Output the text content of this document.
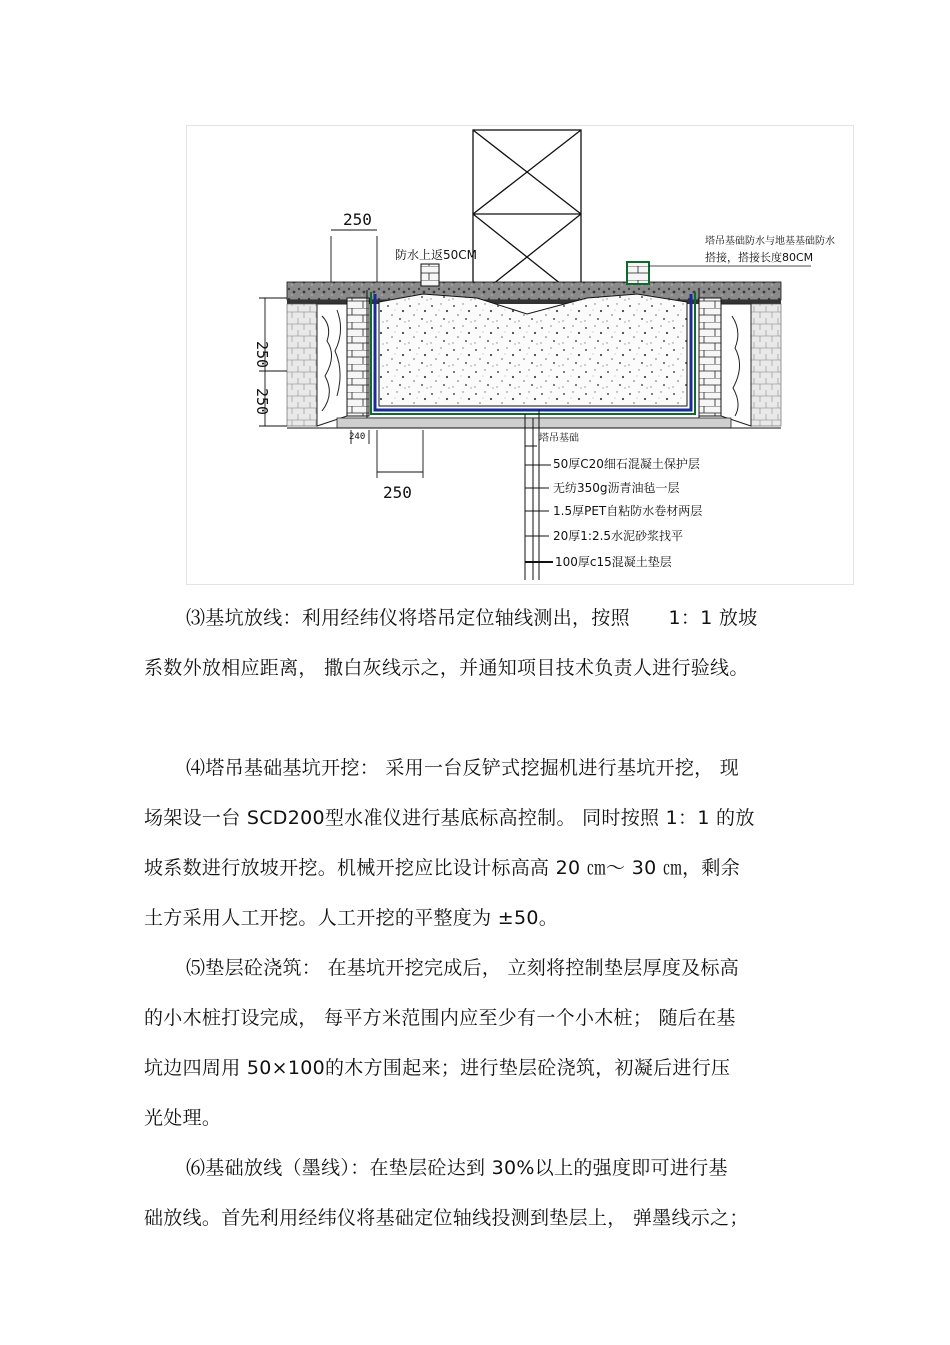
250
250
250
240
250
防水上返50CM
塔吊基础防水与地基基础防水
搭接，搭接长度80CM
塔吊基础
50厚C20细石混凝土保护层
无纺350g沥青油毡一层
1.5厚PET自粘防水卷材两层
20厚1:2.5水泥砂浆找平
100厚c15混凝土垫层

⑶基坑放线：利用经纬仪将塔吊定位轴线测出，按照　　1：1 放坡

系数外放相应距离， 撒白灰线示之，并通知项目技术负责人进行验线。

⑷塔吊基础基坑开挖： 采用一台反铲式挖掘机进行基坑开挖， 现

场架设一台 SCD200型水准仪进行基底标高控制。 同时按照 1：1 的放

坡系数进行放坡开挖。机械开挖应比设计标高高 20 ㎝～ 30 ㎝，剩余

土方采用人工开挖。人工开挖的平整度为 ±50。

⑸垫层砼浇筑： 在基坑开挖完成后， 立刻将控制垫层厚度及标高

的小木桩打设完成， 每平方米范围内应至少有一个小木桩； 随后在基

坑边四周用 50×100的木方围起来；进行垫层砼浇筑，初凝后进行压

光处理。

⑹基础放线（墨线）：在垫层砼达到 30%以上的强度即可进行基

础放线。首先利用经纬仪将基础定位轴线投测到垫层上， 弹墨线示之；
